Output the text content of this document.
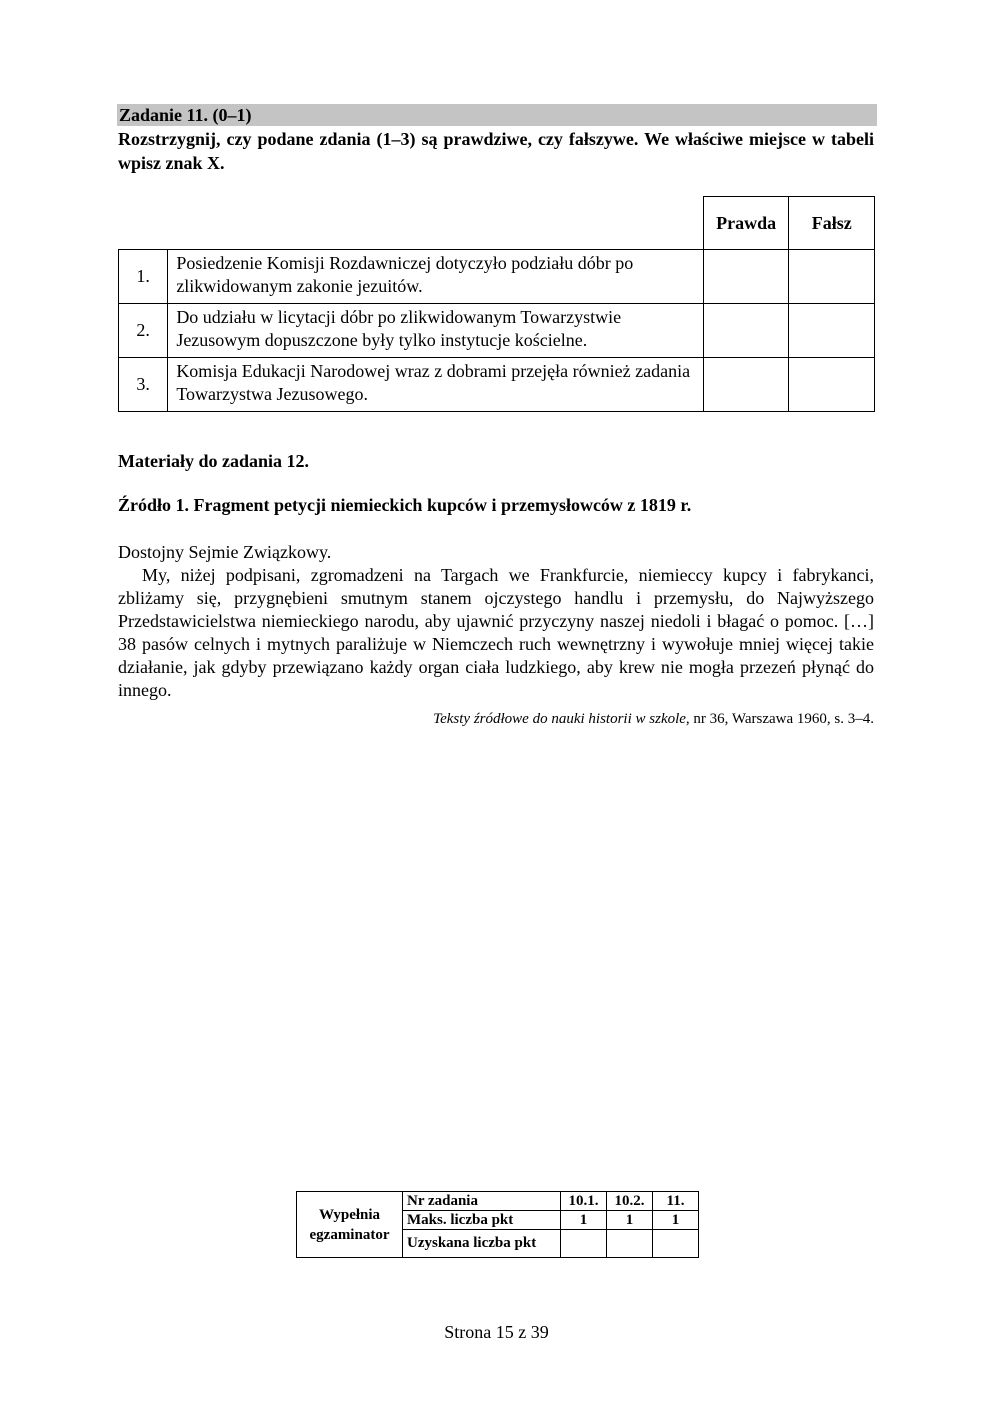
Zadanie 11. (0–1)
Rozstrzygnij, czy podane zdania (1–3) są prawdziwe, czy fałszywe. We właściwe miejsce w tabeli wpisz znak X.
		Prawda	Fałsz
1.	Posiedzenie Komisji Rozdawniczej dotyczyło podziału dóbr po zlikwidowanym zakonie jezuitów.		
2.	Do udziału w licytacji dóbr po zlikwidowanym Towarzystwie Jezusowym dopuszczone były tylko instytucje kościelne.		
3.	Komisja Edukacji Narodowej wraz z dobrami przejęła również zadania Towarzystwa Jezusowego.		
Materiały do zadania 12.
Źródło 1. Fragment petycji niemieckich kupców i przemysłowców z 1819 r.
Dostojny Sejmie Związkowy.

My, niżej podpisani, zgromadzeni na Targach we Frankfurcie, niemieccy kupcy i fabrykanci, zbliżamy się, przygnębieni smutnym stanem ojczystego handlu i przemysłu, do Najwyższego Przedstawicielstwa niemieckiego narodu, aby ujawnić przyczyny naszej niedoli i błagać o pomoc. […] 38 pasów celnych i mytnych paraliżuje w Niemczech ruch wewnętrzny i wywołuje mniej więcej takie działanie, jak gdyby przewiązano każdy organ ciała ludzkiego, aby krew nie mogła przezeń płynąć do innego.

Teksty źródłowe do nauki historii w szkole, nr 36, Warszawa 1960, s. 3–4.
Wypełnia
egzaminator	Nr zadania	10.1.	10.2.	11.
	Maks. liczba pkt	1	1	1
	Uzyskana liczba pkt			
Strona 15 z 39
